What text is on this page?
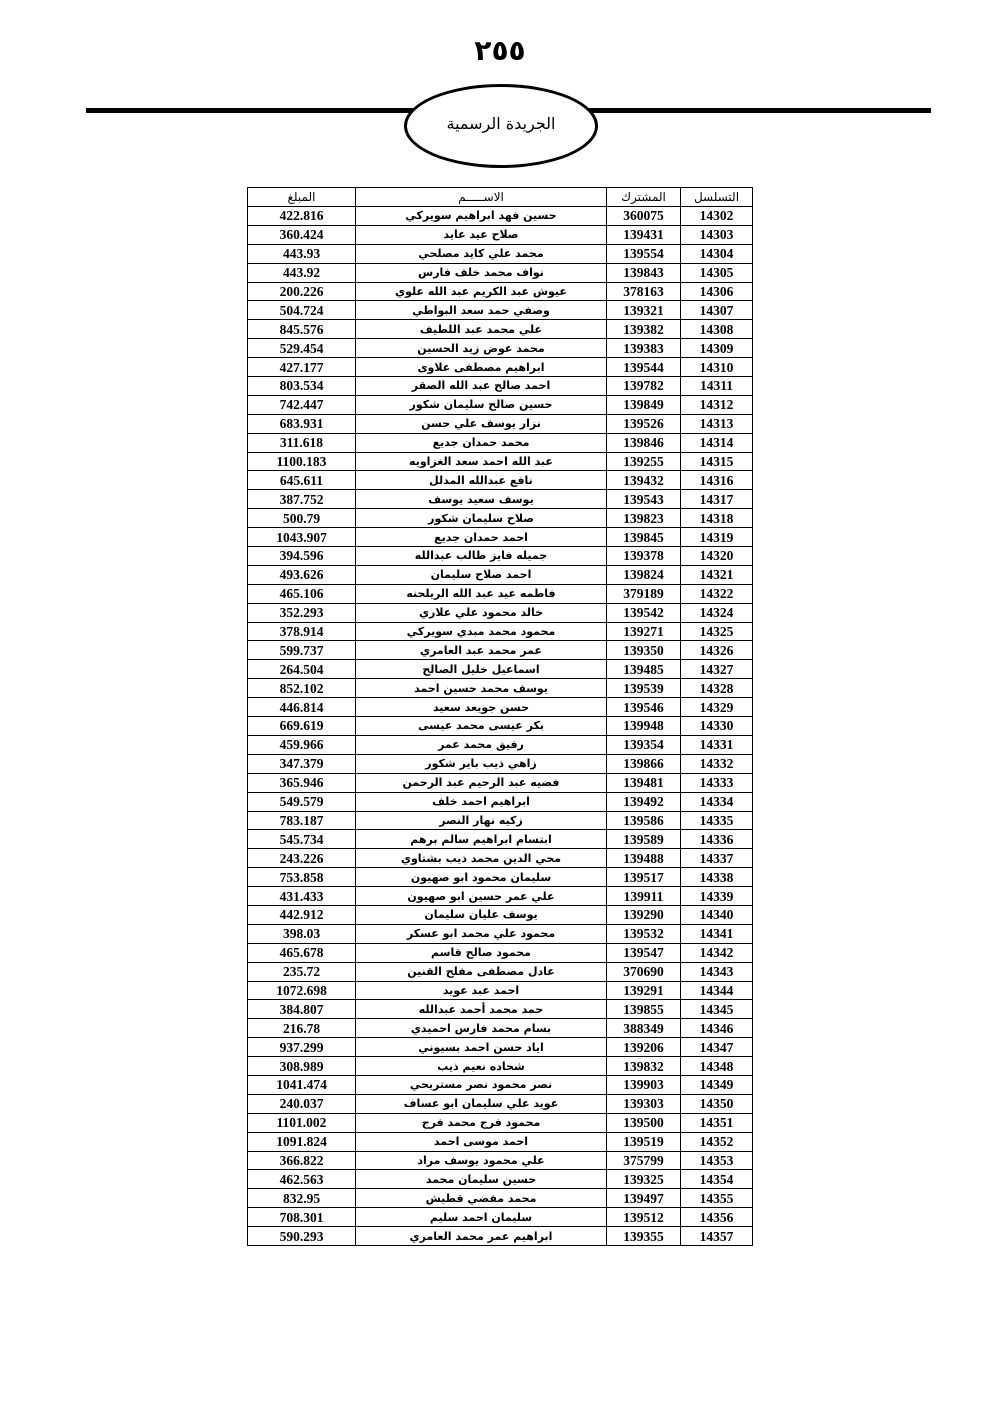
٢٥٥
الجريدة الرسمية
التسلسل	المشترك	الاســـــم	المبلغ
14302	360075	حسين فهد ابراهيم سويركي	422.816
14303	139431	صلاح عيد عايد	360.424
14304	139554	محمد علي كايد مصلحي	443.93
14305	139843	نواف محمد خلف فارس	443.92
14306	378163	عيوش عبد الكريم عبد الله علوي	200.226
14307	139321	وصفي حمد سعد البواطي	504.724
14308	139382	علي محمد عبد اللطيف	845.576
14309	139383	محمد عوض زيد الحسين	529.454
14310	139544	ابراهيم مصطفى علاوى	427.177
14311	139782	احمد صالح عبد الله الصقر	803.534
14312	139849	حسين صالح سليمان شكور	742.447
14313	139526	نزار يوسف علي حسن	683.931
14314	139846	محمد حمدان جديع	311.618
14315	139255	عبد الله احمد سعد الغزاويه	1100.183
14316	139432	نافع عبدالله المدلل	645.611
14317	139543	يوسف سعيد يوسف	387.752
14318	139823	صلاح سليمان شكور	500.79
14319	139845	احمد حمدان جديع	1043.907
14320	139378	جميله فايز طالب عبدالله	394.596
14321	139824	احمد صلاح سليمان	493.626
14322	379189	فاطمه عيد عبد الله الريلحنه	465.106
14324	139542	خالد محمود علي علاري	352.293
14325	139271	محمود محمد مبدي سويركي	378.914
14326	139350	عمر محمد عبد العامري	599.737
14327	139485	اسماعيل خليل الصالح	264.504
14328	139539	يوسف محمد حسين احمد	852.102
14329	139546	حسن جويعد سعيد	446.814
14330	139948	بكر عيسى محمد عيسى	669.619
14331	139354	رفيق محمد عمر	459.966
14332	139866	زاهي ذيب باير شكور	347.379
14333	139481	فضيه عبد الرحيم عبد الرحمن	365.946
14334	139492	ابراهيم احمد خلف	549.579
14335	139586	زكيه نهار النصر	783.187
14336	139589	ابتسام ابراهيم سالم برهم	545.734
14337	139488	محي الدين محمد ذيب بشتاوي	243.226
14338	139517	سليمان محمود ابو صهيون	753.858
14339	139911	علي عمر حسين ابو صهيون	431.433
14340	139290	يوسف عليان سليمان	442.912
14341	139532	محمود علي محمد ابو عسكر	398.03
14342	139547	محمود صالح قاسم	465.678
14343	370690	عادل مصطفى مفلح القنين	235.72
14344	139291	احمد عبد عويد	1072.698
14345	139855	حمد محمد أحمد عبدالله	384.807
14346	388349	بسام محمد فارس احميدي	216.78
14347	139206	اياد حسن احمد بسيوني	937.299
14348	139832	شحاده نعيم ذيب	308.989
14349	139903	نصر محمود نصر مستريحي	1041.474
14350	139303	عويد علي سليمان ابو عساف	240.037
14351	139500	محمود فرج محمد فرج	1101.002
14352	139519	احمد موسى احمد	1091.824
14353	375799	علي محمود يوسف مراد	366.822
14354	139325	حسين سليمان محمد	462.563
14355	139497	محمد مفضي قطيش	832.95
14356	139512	سليمان احمد سليم	708.301
14357	139355	ابراهيم عمر محمد العامري	590.293
